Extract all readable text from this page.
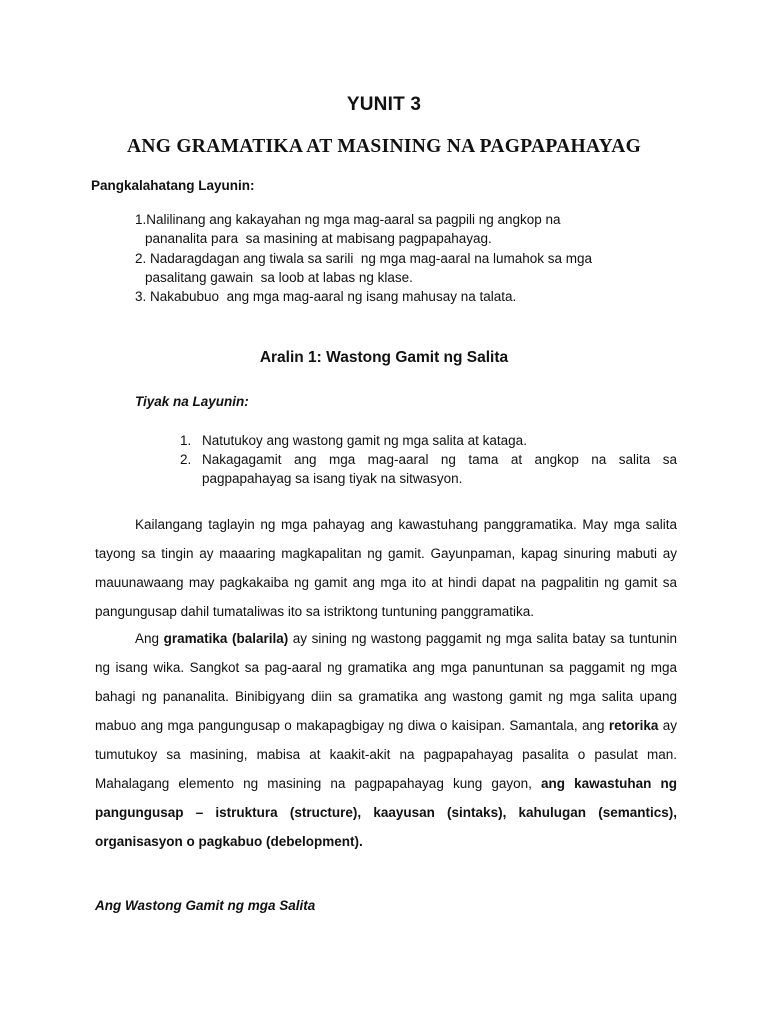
YUNIT 3
ANG GRAMATIKA AT MASINING NA PAGPAPAHAYAG
Pangkalahatang Layunin:
1.Nalilinang ang kakayahan ng mga mag-aaral sa pagpili ng angkop na
pananalita para  sa masining at mabisang pagpapahayag.
2. Nadaragdagan ang tiwala sa sarili  ng mga mag-aaral na lumahok sa mga
pasalitang gawain  sa loob at labas ng klase.
3. Nakabubuo  ang mga mag-aaral ng isang mahusay na talata.
Aralin 1: Wastong Gamit ng Salita
Tiyak na Layunin:
1. Natutukoy ang wastong gamit ng mga salita at kataga.
2. Nakagagamit ang mga mag-aaral ng tama at angkop na salita sa
pagpapahayag sa isang tiyak na sitwasyon.
Kailangang taglayin ng mga pahayag ang kawastuhang panggramatika. May mga salita
tayong sa tingin ay maaaring magkapalitan ng gamit. Gayunpaman, kapag sinuring mabuti ay
mauunawaang may pagkakaiba ng gamit ang mga ito at hindi dapat na pagpalitin ng gamit sa
pangungusap dahil tumataliwas ito sa istriktong tuntuning panggramatika.
Ang gramatika (balarila) ay sining ng wastong paggamit ng mga salita batay sa tuntunin
ng isang wika. Sangkot sa pag-aaral ng gramatika ang mga panuntunan sa paggamit ng mga
bahagi ng pananalita. Binibigyang diin sa gramatika ang wastong gamit ng mga salita upang
mabuo ang mga pangungusap o makapagbigay ng diwa o kaisipan. Samantala, ang retorika ay
tumutukoy sa masining, mabisa at kaakit-akit na pagpapahayag pasalita o pasulat man.
Mahalagang elemento ng masining na pagpapahayag kung gayon, ang kawastuhan ng
pangungusap – istruktura (structure), kaayusan (sintaks), kahulugan (semantics),
organisasyon o pagkabuo (debelopment).
Ang Wastong Gamit ng mga Salita
